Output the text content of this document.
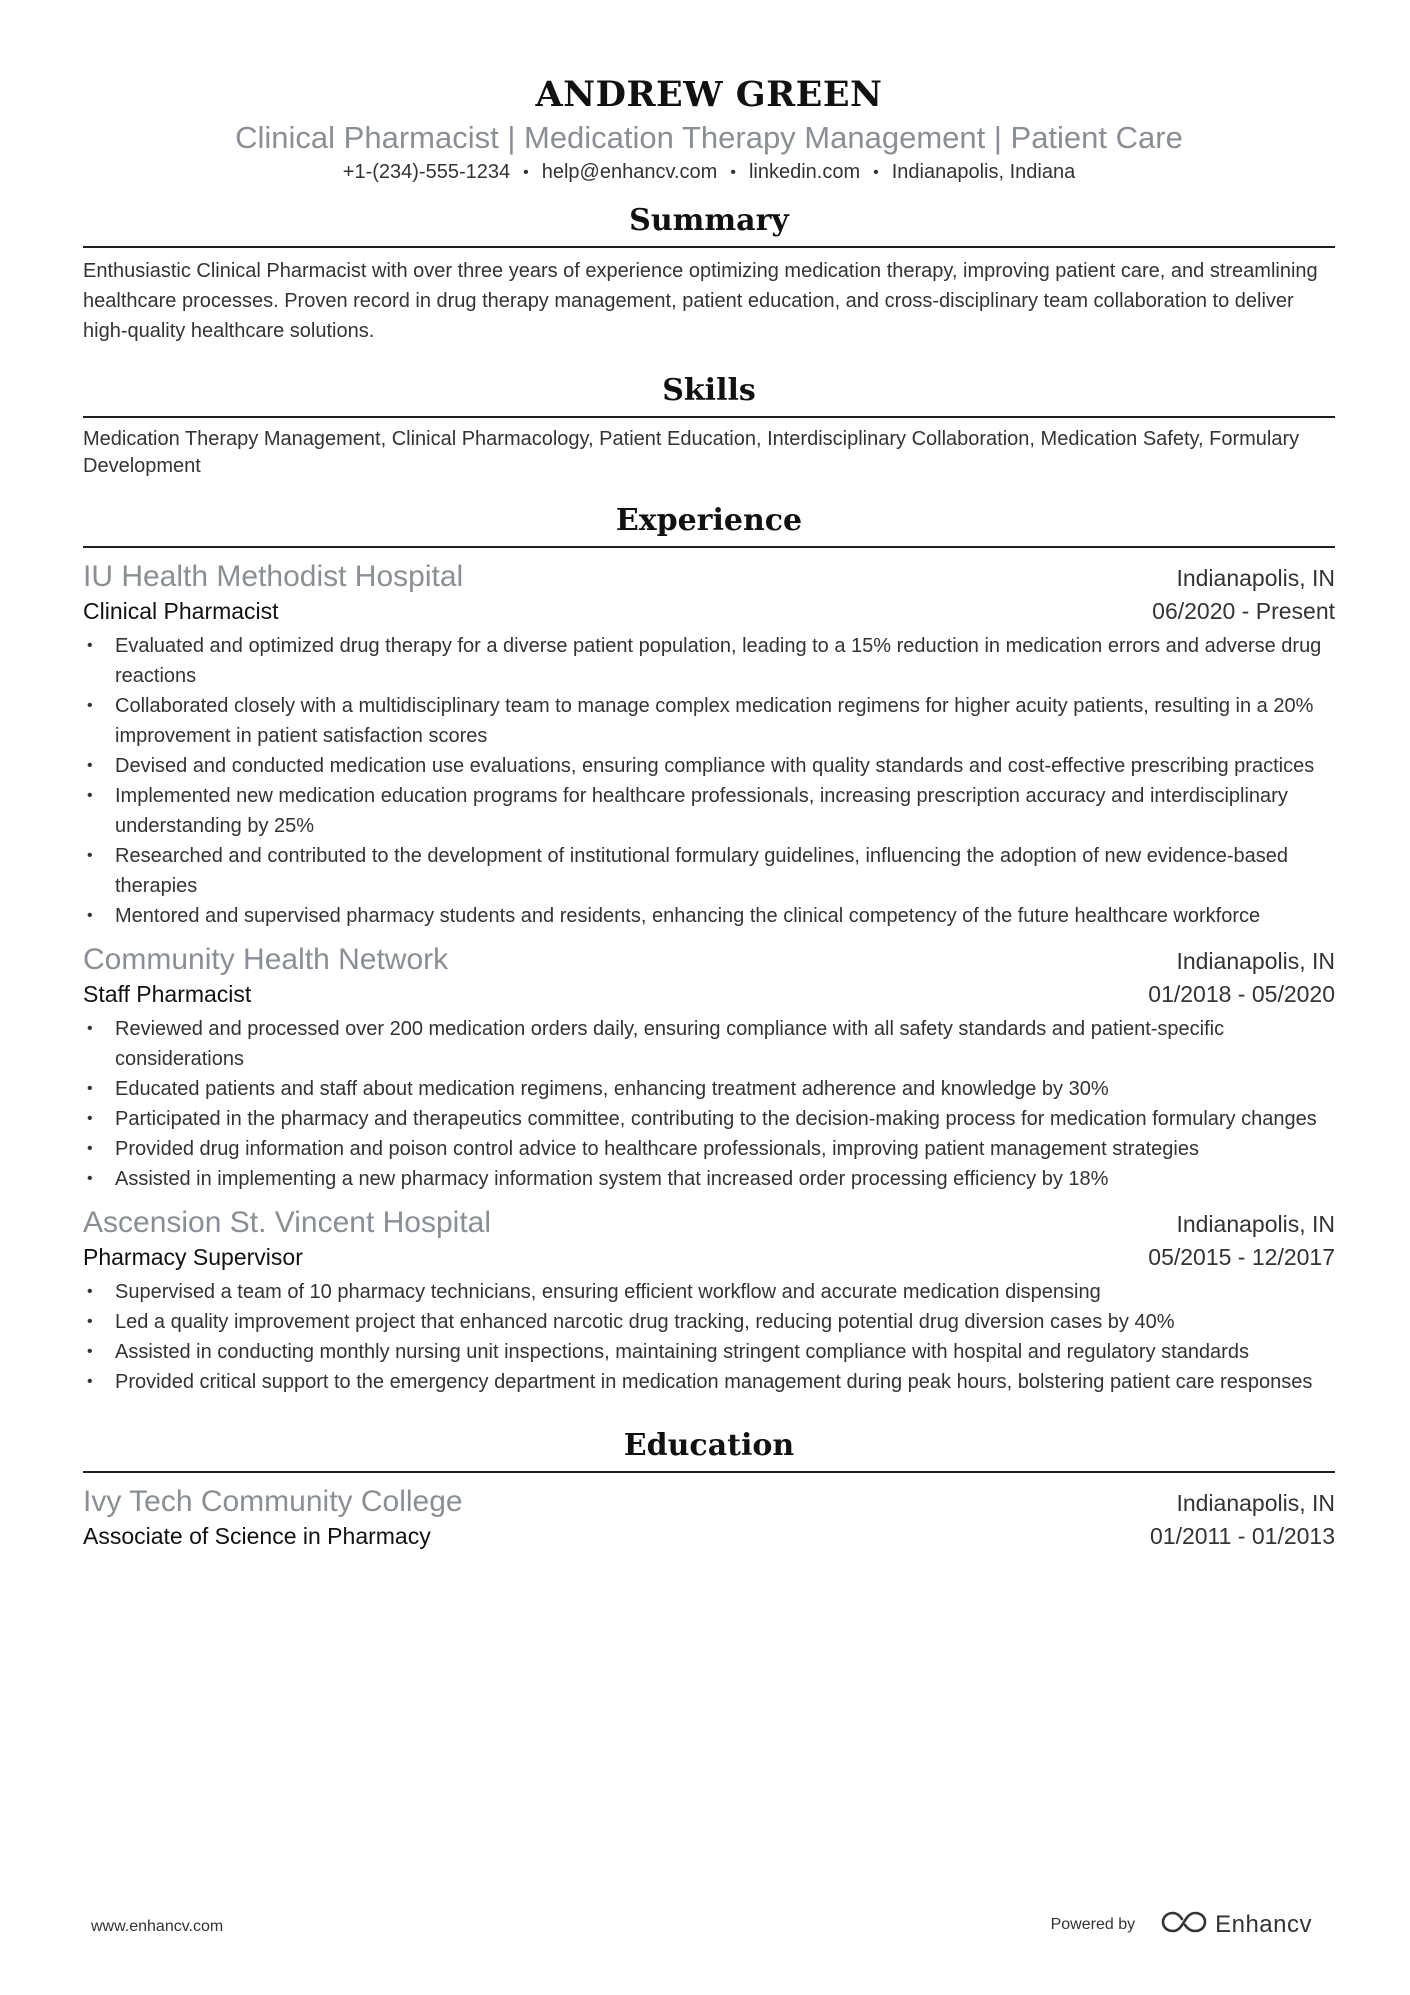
ANDREW GREEN
Clinical Pharmacist | Medication Therapy Management | Patient Care
+1-(234)-555-1234 • help@enhancv.com • linkedin.com • Indianapolis, Indiana
Summary
Enthusiastic Clinical Pharmacist with over three years of experience optimizing medication therapy, improving patient care, and streamlining healthcare processes. Proven record in drug therapy management, patient education, and cross-disciplinary team collaboration to deliver high-quality healthcare solutions.
Skills
Medication Therapy Management, Clinical Pharmacology, Patient Education, Interdisciplinary Collaboration, Medication Safety, Formulary Development
Experience
IU Health Methodist Hospital	Indianapolis, IN
Clinical Pharmacist	06/2020 - Present
• Evaluated and optimized drug therapy for a diverse patient population, leading to a 15% reduction in medication errors and adverse drug reactions
• Collaborated closely with a multidisciplinary team to manage complex medication regimens for higher acuity patients, resulting in a 20% improvement in patient satisfaction scores
• Devised and conducted medication use evaluations, ensuring compliance with quality standards and cost-effective prescribing practices
• Implemented new medication education programs for healthcare professionals, increasing prescription accuracy and interdisciplinary understanding by 25%
• Researched and contributed to the development of institutional formulary guidelines, influencing the adoption of new evidence-based therapies
• Mentored and supervised pharmacy students and residents, enhancing the clinical competency of the future healthcare workforce
Community Health Network	Indianapolis, IN
Staff Pharmacist	01/2018 - 05/2020
• Reviewed and processed over 200 medication orders daily, ensuring compliance with all safety standards and patient-specific considerations
• Educated patients and staff about medication regimens, enhancing treatment adherence and knowledge by 30%
• Participated in the pharmacy and therapeutics committee, contributing to the decision-making process for medication formulary changes
• Provided drug information and poison control advice to healthcare professionals, improving patient management strategies
• Assisted in implementing a new pharmacy information system that increased order processing efficiency by 18%
Ascension St. Vincent Hospital	Indianapolis, IN
Pharmacy Supervisor	05/2015 - 12/2017
• Supervised a team of 10 pharmacy technicians, ensuring efficient workflow and accurate medication dispensing
• Led a quality improvement project that enhanced narcotic drug tracking, reducing potential drug diversion cases by 40%
• Assisted in conducting monthly nursing unit inspections, maintaining stringent compliance with hospital and regulatory standards
• Provided critical support to the emergency department in medication management during peak hours, bolstering patient care responses
Education
Ivy Tech Community College	Indianapolis, IN
Associate of Science in Pharmacy	01/2011 - 01/2013
www.enhancv.com	Powered by	Enhancv
